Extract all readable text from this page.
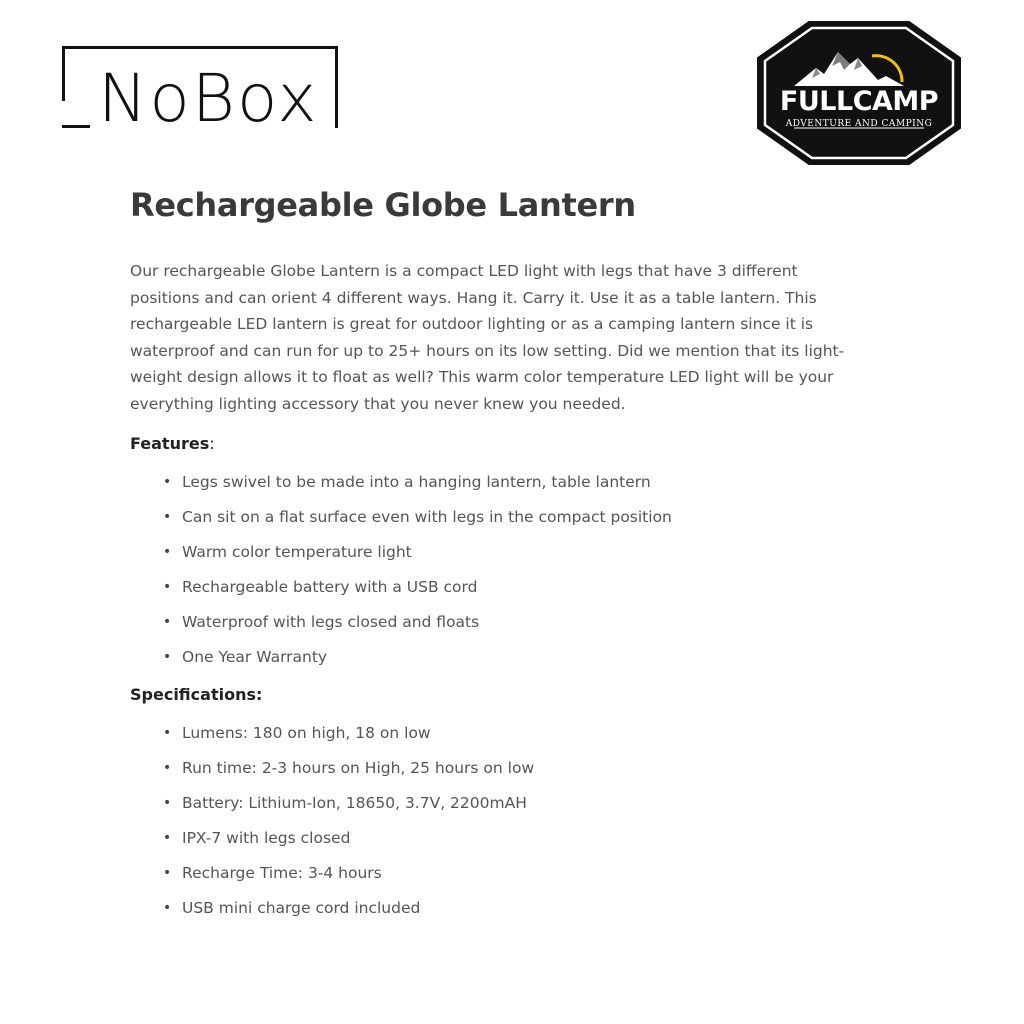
NoBox	FULLCAMP
ADVENTURE AND CAMPING
Rechargeable Globe Lantern

Our rechargeable Globe Lantern is a compact LED light with legs that have 3 different positions and can orient 4 different ways. Hang it. Carry it. Use it as a table lantern. This rechargeable LED lantern is great for outdoor lighting or as a camping lantern since it is waterproof and can run for up to 25+ hours on its low setting. Did we mention that its light-weight design allows it to float as well? This warm color temperature LED light will be your everything lighting accessory that you never knew you needed.

Features:
• Legs swivel to be made into a hanging lantern, table lantern
• Can sit on a flat surface even with legs in the compact position
• Warm color temperature light
• Rechargeable battery with a USB cord
• Waterproof with legs closed and floats
• One Year Warranty
Specifications:
• Lumens: 180 on high, 18 on low
• Run time: 2-3 hours on High, 25 hours on low
• Battery: Lithium-Ion, 18650, 3.7V, 2200mAH
• IPX-7 with legs closed
• Recharge Time: 3-4 hours
• USB mini charge cord included
